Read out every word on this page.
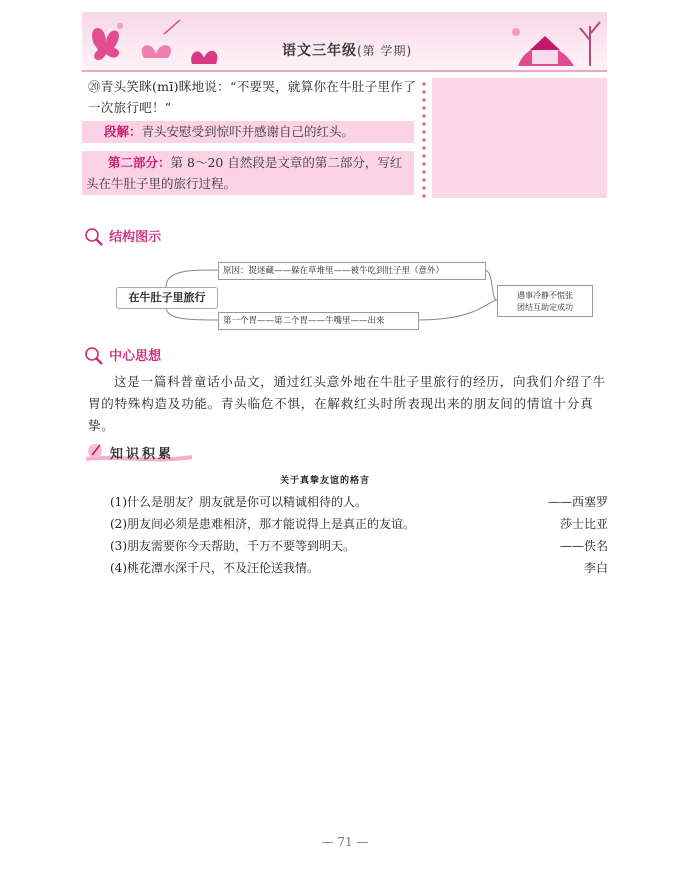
语文三年级(第 学期)
⑳青头笑眯(mī)眯地说：“不要哭，就算你在牛肚子里作了一次旅行吧！”
段解：青头安慰受到惊吓并感谢自己的红头。
第二部分：第 8～20 自然段是文章的第二部分，写红头在牛肚子里的旅行过程。
结构图示
在牛肚子里旅行
原因：捉迷藏——躲在草堆里——被牛吃到肚子里（意外）
第一个胃——第二个胃——牛嘴里——出来
遇事冷静不慌张
团结互助定成功
中心思想
这是一篇科普童话小品文，通过红头意外地在牛肚子里旅行的经历，向我们介绍了牛胃的特殊构造及功能。青头临危不惧，在解救红头时所表现出来的朋友间的情谊十分真挚。
知识积累
关于真挚友谊的格言
(1)什么是朋友？朋友就是你可以精诚相待的人。	——西塞罗
(2)朋友间必须是患难相济，那才能说得上是真正的友谊。	莎士比亚
(3)朋友需要你今天帮助，千万不要等到明天。	——佚名
(4)桃花潭水深千尺，不及汪伦送我情。	李白
— 71 —
